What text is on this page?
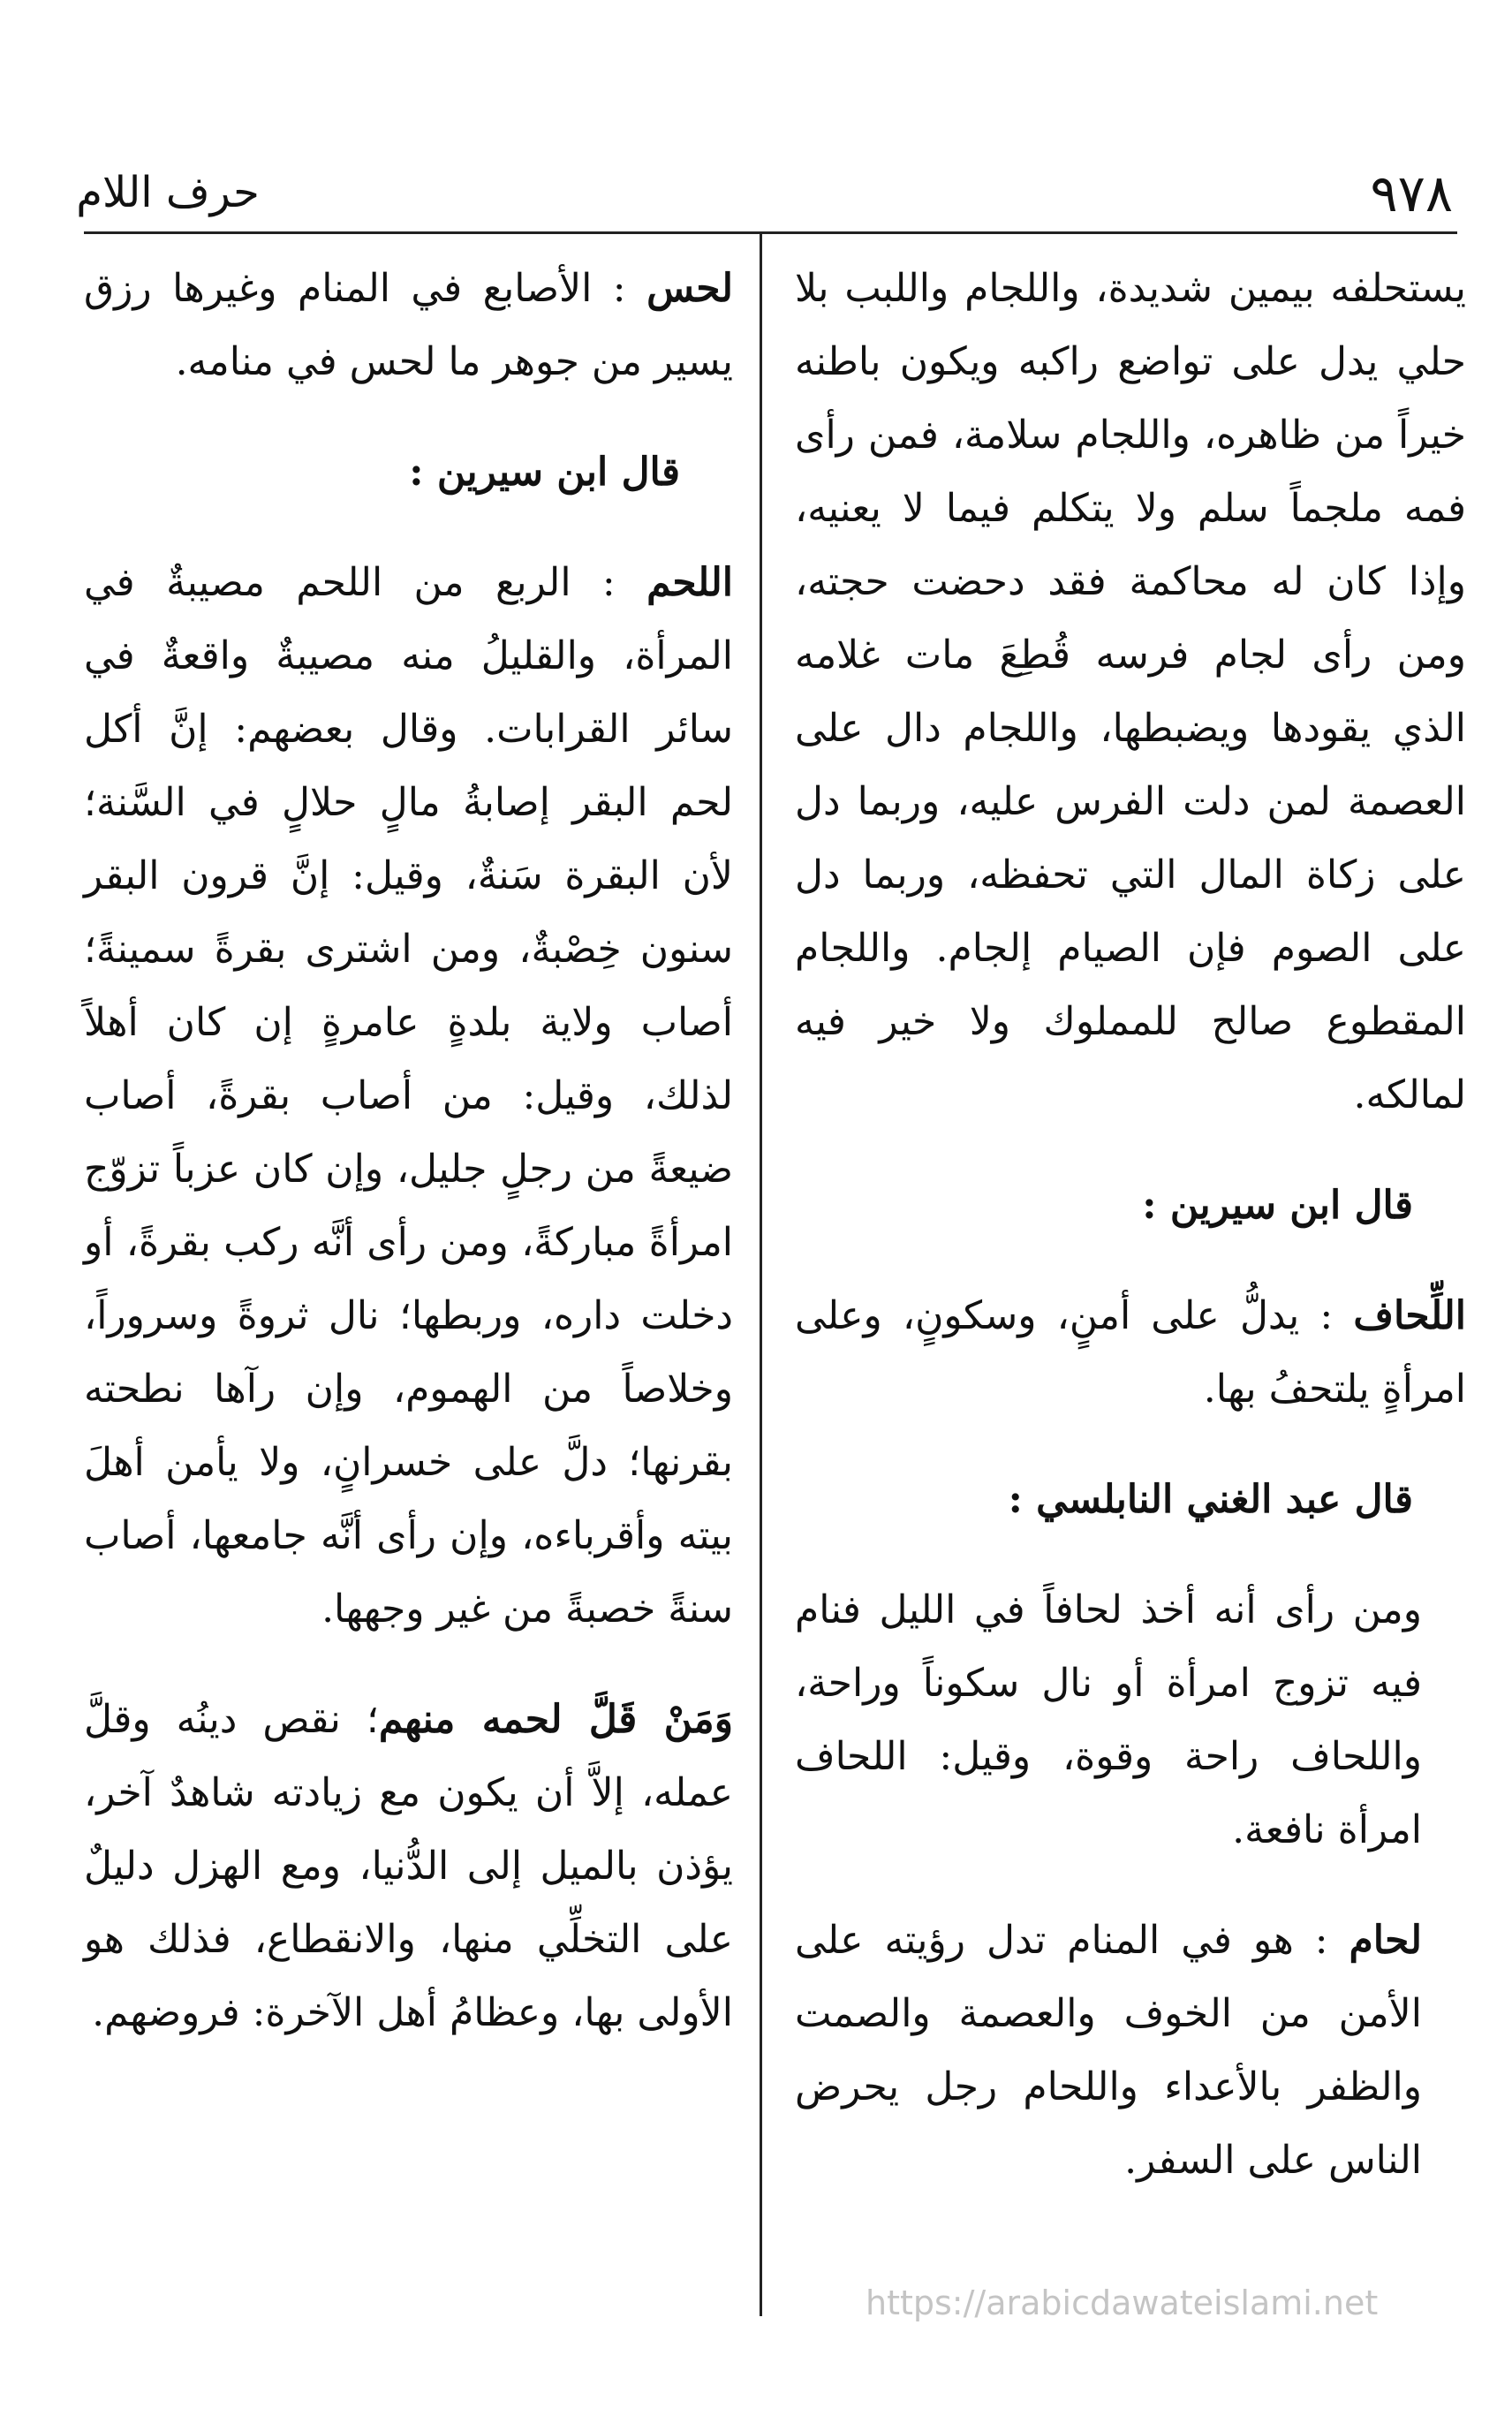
٩٧٨
حرف اللام

يستحلفه بيمين شديدة، واللجام واللبب بلا حلي يدل على تواضع راكبه ويكون باطنه خيراً من ظاهره، واللجام سلامة، فمن رأى فمه ملجماً سلم ولا يتكلم فيما لا يعنيه، وإذا كان له محاكمة فقد دحضت حجته، ومن رأى لجام فرسه قُطِعَ مات غلامه الذي يقودها ويضبطها، واللجام دال على العصمة لمن دلت الفرس عليه، وربما دل على زكاة المال التي تحفظه، وربما دل على الصوم فإن الصيام إلجام. واللجام المقطوع صالح للمملوك ولا خير فيه لمالكه.

قال ابن سيرين :

اللِّحاف : يدلُّ على أمنٍ، وسكونٍ، وعلى امرأةٍ يلتحفُ بها.

قال عبد الغني النابلسي :

ومن رأى أنه أخذ لحافاً في الليل فنام فيه تزوج امرأة أو نال سكوناً وراحة، واللحاف راحة وقوة، وقيل: اللحاف امرأة نافعة.

لحام : هو في المنام تدل رؤيته على الأمن من الخوف والعصمة والصمت والظفر بالأعداء واللحام رجل يحرض الناس على السفر.

لحس : الأصابع في المنام وغيرها رزق يسير من جوهر ما لحس في منامه.

قال ابن سيرين :

اللحم : الربع من اللحم مصيبةٌ في المرأة، والقليلُ منه مصيبةٌ واقعةٌ في سائر القرابات. وقال بعضهم: إنَّ أكل لحم البقر إصابةُ مالٍ حلالٍ في السَّنة؛ لأن البقرة سَنةٌ، وقيل: إنَّ قرون البقر سنون خِصْبةٌ، ومن اشترى بقرةً سمينةً؛ أصاب ولاية بلدةٍ عامرةٍ إن كان أهلاً لذلك، وقيل: من أصاب بقرةً، أصاب ضيعةً من رجلٍ جليل، وإن كان عزباً تزوّج امرأةً مباركةً، ومن رأى أنَّه ركب بقرةً، أو دخلت داره، وربطها؛ نال ثروةً وسروراً، وخلاصاً من الهموم، وإن رآها نطحته بقرنها؛ دلَّ على خسرانٍ، ولا يأمن أهلَ بيته وأقرباءه، وإن رأى أنَّه جامعها، أصاب سنةً خصبةً من غير وجهها.

وَمَنْ قَلَّ لحمه منهم؛ نقص دينُه وقلَّ عمله، إلاَّ أن يكون مع زيادته شاهدٌ آخر، يؤذن بالميل إلى الدُّنيا، ومع الهزل دليلٌ على التخلِّي منها، والانقطاع، فذلك هو الأولى بها، وعظامُ أهل الآخرة: فروضهم.

https://arabicdawateislami.net
